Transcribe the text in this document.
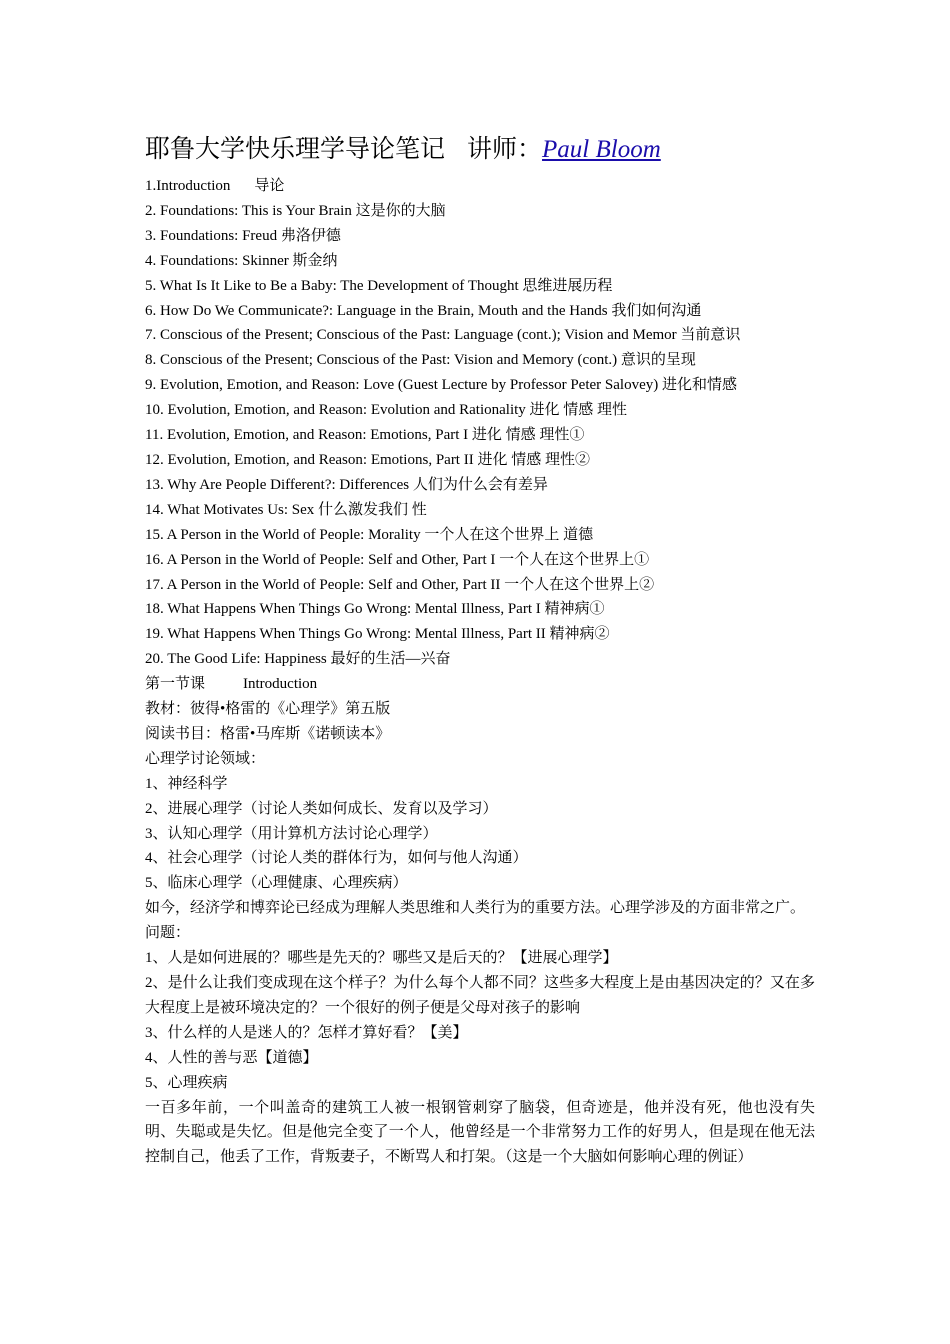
耶鲁大学快乐理学导论笔记 讲师：Paul Bloom
1.Introduction 导论
2. Foundations: This is Your Brain 这是你的大脑
3. Foundations: Freud 弗洛伊德
4. Foundations: Skinner 斯金纳
5. What Is It Like to Be a Baby: The Development of Thought 思维进展历程
6. How Do We Communicate?: Language in the Brain, Mouth and the Hands 我们如何沟通
7. Conscious of the Present; Conscious of the Past: Language (cont.); Vision and Memor 当前意识
8. Conscious of the Present; Conscious of the Past: Vision and Memory (cont.) 意识的呈现
9. Evolution, Emotion, and Reason: Love (Guest Lecture by Professor Peter Salovey) 进化和情感
10. Evolution, Emotion, and Reason: Evolution and Rationality 进化 情感 理性
11. Evolution, Emotion, and Reason: Emotions, Part I 进化 情感 理性①
12. Evolution, Emotion, and Reason: Emotions, Part II 进化 情感 理性②
13. Why Are People Different?: Differences 人们为什么会有差异
14. What Motivates Us: Sex 什么激发我们 性
15. A Person in the World of People: Morality 一个人在这个世界上 道德
16. A Person in the World of People: Self and Other, Part I 一个人在这个世界上①
17. A Person in the World of People: Self and Other, Part II 一个人在这个世界上②
18. What Happens When Things Go Wrong: Mental Illness, Part I 精神病①
19. What Happens When Things Go Wrong: Mental Illness, Part II 精神病②
20. The Good Life: Happiness 最好的生活—兴奋
第一节课	Introduction
教材：彼得•格雷的《心理学》第五版
阅读书目：格雷•马库斯《诺顿读本》
心理学讨论领域：
1、神经科学
2、进展心理学（讨论人类如何成长、发育以及学习）
3、认知心理学（用计算机方法讨论心理学）
4、社会心理学（讨论人类的群体行为，如何与他人沟通）
5、临床心理学（心理健康、心理疾病）
如今，经济学和博弈论已经成为理解人类思维和人类行为的重要方法。心理学涉及的方面非常之广。
问题：
1、人是如何进展的？哪些是先天的？哪些又是后天的？【进展心理学】
2、是什么让我们变成现在这个样子？为什么每个人都不同？这些多大程度上是由基因决定的？又在多大程度上是被环境决定的？一个很好的例子便是父母对孩子的影响
3、什么样的人是迷人的？怎样才算好看？【美】
4、人性的善与恶【道德】
5、心理疾病
一百多年前，一个叫盖奇的建筑工人被一根钢管刺穿了脑袋，但奇迹是，他并没有死，他也没有失明、失聪或是失忆。但是他完全变了一个人，他曾经是一个非常努力工作的好男人，但是现在他无法控制自己，他丢了工作，背叛妻子，不断骂人和打架。（这是一个大脑如何影响心理的例证）
